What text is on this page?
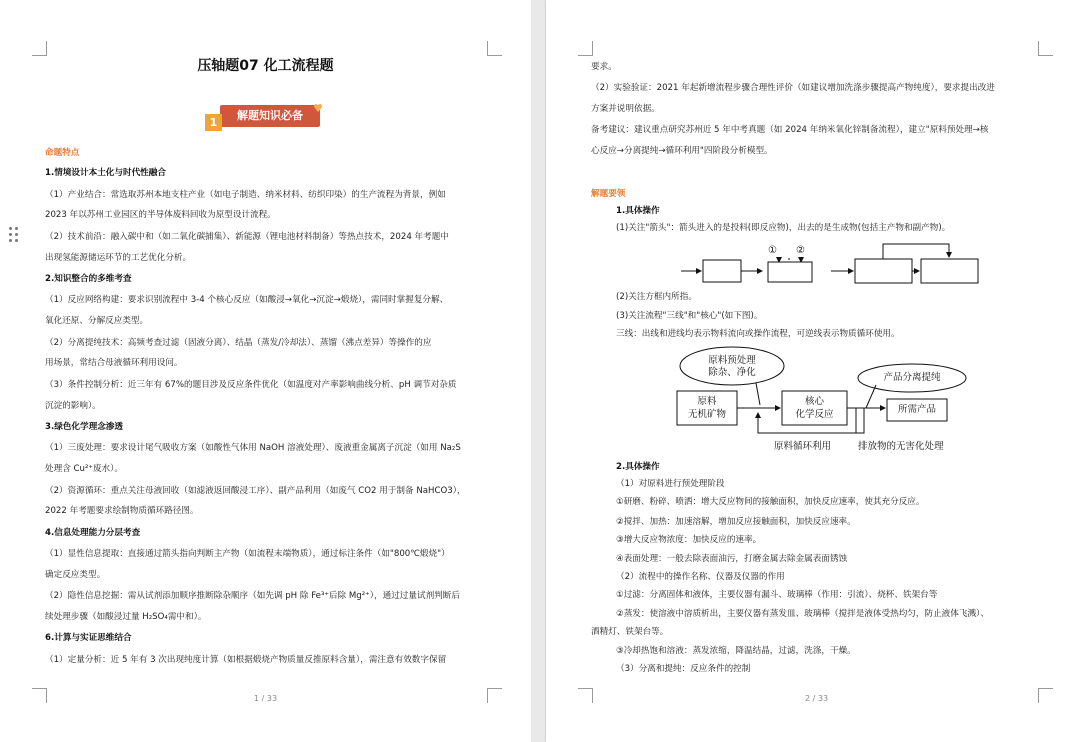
压轴题07 化工流程题
解题知识必备
1
♥
命题特点
1.情境设计本土化与时代性融合
（1）产业结合：常选取苏州本地支柱产业（如电子制造、纳米材料、纺织印染）的生产流程为背景，例如
2023 年以苏州工业园区的半导体废料回收为原型设计流程。
（2）技术前沿：融入碳中和（如二氧化碳捕集）、新能源（锂电池材料制备）等热点技术，2024 年考题中
出现氢能源储运环节的工艺优化分析。
2.知识整合的多维考查
（1）反应网络构建：要求识别流程中 3-4 个核心反应（如酸浸→氧化→沉淀→煅烧），需同时掌握复分解、
氧化还原、分解反应类型。
（2）分离提纯技术：高频考查过滤（固液分离）、结晶（蒸发/冷却法）、蒸馏（沸点差异）等操作的应
用场景，常结合母液循环利用设问。
（3）条件控制分析：近三年有 67%的题目涉及反应条件优化（如温度对产率影响曲线分析、pH 调节对杂质
沉淀的影响）。
3.绿色化学理念渗透
（1）三废处理：要求设计尾气吸收方案（如酸性气体用 NaOH 溶液处理）、废液重金属离子沉淀（如用 Na₂S
处理含 Cu²⁺废水）。
（2）资源循环：重点关注母液回收（如滤液返回酸浸工序）、副产品利用（如废气 CO2 用于制备 NaHCO3），
2022 年考题要求绘制物质循环路径图。
4.信息处理能力分层考查
（1）显性信息提取：直接通过箭头指向判断主产物（如流程末端物质），通过标注条件（如"800℃煅烧"）
确定反应类型。
（2）隐性信息挖掘：需从试剂添加顺序推断除杂顺序（如先调 pH 除 Fe³⁺后除 Mg²⁺），通过过量试剂判断后
续处理步骤（如酸浸过量 H₂SO₄需中和）。
6.计算与实证思维结合
（1）定量分析：近 5 年有 3 次出现纯度计算（如根据煅烧产物质量反推原料含量），需注意有效数字保留
1 / 33
要求。
（2）实验验证：2021 年起新增流程步骤合理性评价（如建议增加洗涤步骤提高产物纯度），要求提出改进
方案并说明依据。
备考建议：建议重点研究苏州近 5 年中考真题（如 2024 年纳米氧化锌制备流程），建立"原料预处理→核
心反应→分离提纯→循环利用"四阶段分析模型。
解题要领
1.具体操作
(1)关注"箭头"：箭头进入的是投料(即反应物)，出去的是生成物(包括主产物和副产物)。
① ②
(2)关注方框内所指。
(3)关注流程"三线"和"核心"(如下图)。
三线：出线和进线均表示物料流向或操作流程，可逆线表示物质循环使用。
原料预处理
除杂、净化	产品分离提纯
原料
无机矿物
核心
化学反应	所需产品
原料循环利用	排放物的无害化处理
2.具体操作
（1）对原料进行预处理阶段
①研磨、粉碎、喷洒：增大反应物间的接触面积，加快反应速率，使其充分反应。
②搅拌、加热：加速溶解，增加反应接触面积，加快反应速率。
③增大反应物浓度：加快反应的速率。
④表面处理：一般去除表面油污，打磨金属去除金属表面锈蚀
（2）流程中的操作名称、仪器及仪器的作用
①过滤：分离固体和液体，主要仪器有漏斗、玻璃棒（作用：引流）、烧杯、铁架台等
②蒸发：使溶液中溶质析出，主要仪器有蒸发皿、玻璃棒（搅拌是液体受热均匀，防止液体飞溅）、
酒精灯、铁架台等。
③冷却热饱和溶液：蒸发浓缩，降温结晶，过滤，洗涤，干燥。
（3）分离和提纯：反应条件的控制
2 / 33
